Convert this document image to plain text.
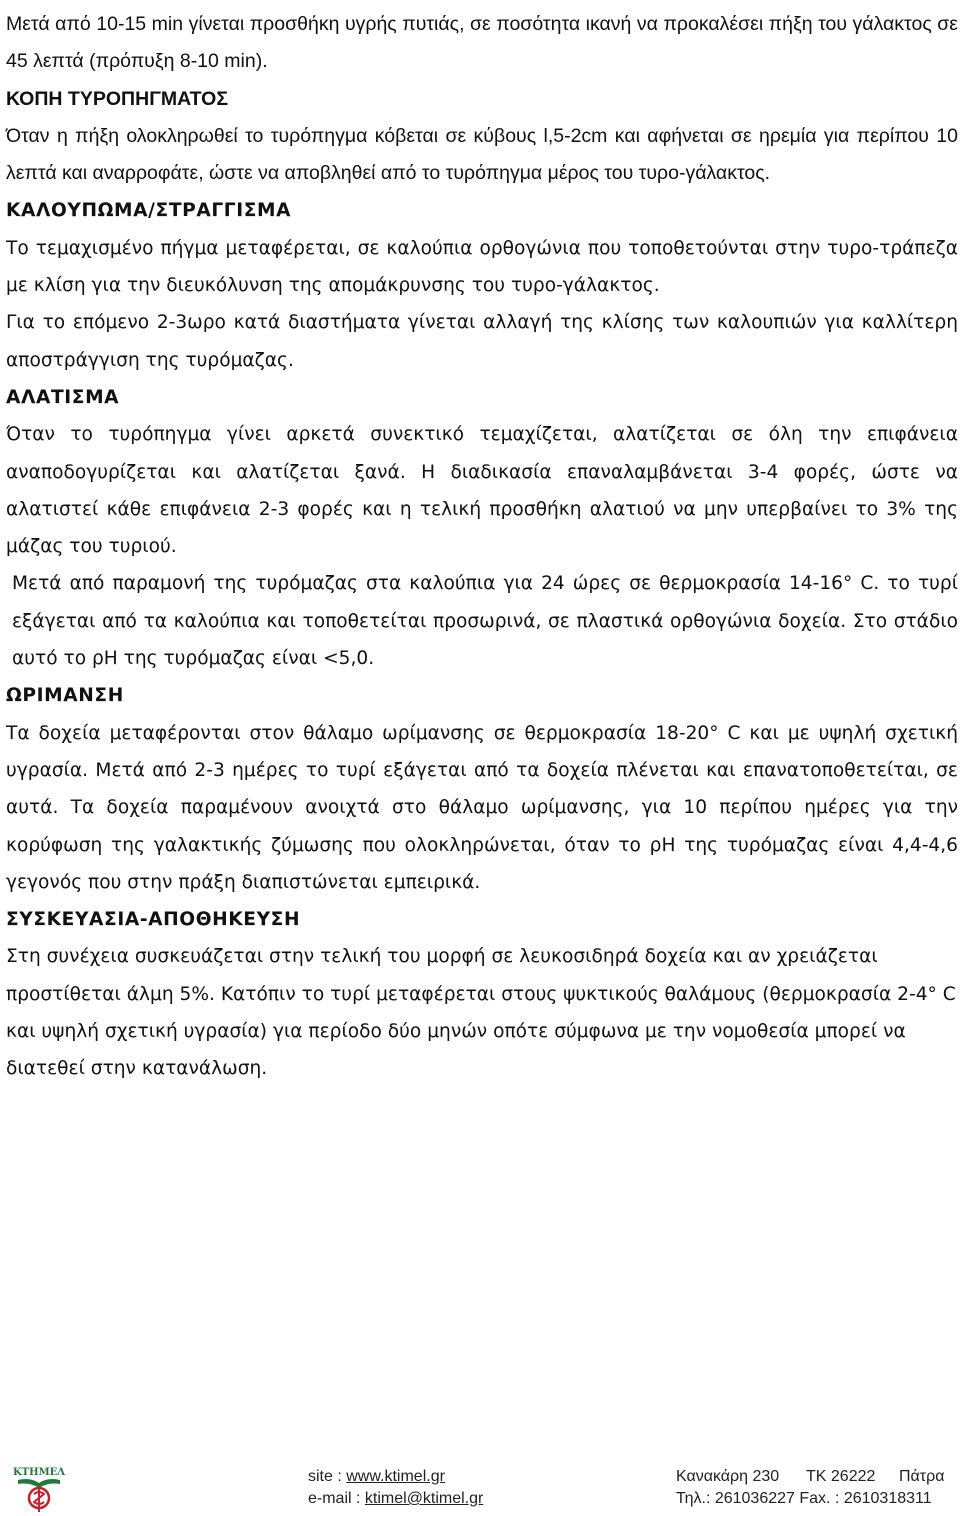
Μετά από 10-15 min γίνεται προσθήκη υγρής πυτιάς, σε ποσότητα ικανή να προκαλέσει πήξη του γάλακτος σε 45 λεπτά (πρόπυξη 8-10 min).

ΚΟΠΗ ΤΥΡΟΠΗΓΜΑΤΟΣ

Όταν η πήξη ολοκληρωθεί το τυρόπηγμα κόβεται σε κύβους l,5-2cm και αφήνεται σε ηρεμία για περίπου 10 λεπτά και αναρροφάτε, ώστε να αποβληθεί από το τυρόπηγμα μέρος του τυρο-γάλακτος.

ΚΑΛΟΥΠΩΜΑ/ΣΤΡΑΓΓΙΣΜΑ

Το τεμαχισμένο πήγμα μεταφέρεται, σε καλούπια ορθογώνια που τοποθετούνται στην τυρο-τράπεζα με κλίση για την διευκόλυνση της απομάκρυνσης του τυρο-γάλακτος.

Για το επόμενο 2-3ωρο κατά διαστήματα γίνεται αλλαγή της κλίσης των καλουπιών για καλλίτερη αποστράγγιση της τυρόμαζας.

ΑΛΑΤΙΣΜΑ

Όταν το τυρόπηγμα γίνει αρκετά συνεκτικό τεμαχίζεται, αλατίζεται σε όλη την επιφάνεια αναποδογυρίζεται και αλατίζεται ξανά. Η διαδικασία επαναλαμβάνεται 3-4 φορές, ώστε να αλατιστεί κάθε επιφάνεια 2-3 φορές και η τελική προσθήκη αλατιού να μην υπερβαίνει το 3% της μάζας του τυριού.

Μετά από παραμονή της τυρόμαζας στα καλούπια για 24 ώρες σε θερμοκρασία 14-16° C. το τυρί εξάγεται από τα καλούπια και τοποθετείται προσωρινά, σε πλαστικά ορθογώνια δοχεία. Στο στάδιο αυτό το ρΗ της τυρόμαζας είναι <5,0.

ΩΡΙΜΑΝΣΗ

Τα δοχεία μεταφέρονται στον θάλαμο ωρίμανσης σε θερμοκρασία 18-20° C και με υψηλή σχετική υγρασία. Μετά από 2-3 ημέρες το τυρί εξάγεται από τα δοχεία πλένεται και επανατοποθετείται, σε αυτά. Τα δοχεία παραμένουν ανοιχτά στο θάλαμο ωρίμανσης, για 10 περίπου ημέρες για την κορύφωση της γαλακτικής ζύμωσης που ολοκληρώνεται, όταν το ρΗ της τυρόμαζας είναι 4,4-4,6 γεγονός που στην πράξη διαπιστώνεται εμπειρικά.

ΣΥΣΚΕΥΑΣΙΑ-ΑΠΟΘΗΚΕΥΣΗ

Στη συνέχεια συσκευάζεται στην τελική του μορφή σε λευκοσιδηρά δοχεία και αν χρειάζεται προστίθεται άλμη 5%. Κατόπιν το τυρί μεταφέρεται στους ψυκτικούς θαλάμους (θερμοκρασία 2-4° C και υψηλή σχετική υγρασία) για περίοδο δύο μηνών οπότε σύμφωνα με την νομοθεσία μπορεί να διατεθεί στην κατανάλωση.

ΚΤΗΜΕΛ	site : www.ktimel.gr
e-mail : ktimel@ktimel.gr
Κανακάρη 230 ΤΚ 26222 Πάτρα
Τηλ.: 261036227 Fax. : 2610318311
